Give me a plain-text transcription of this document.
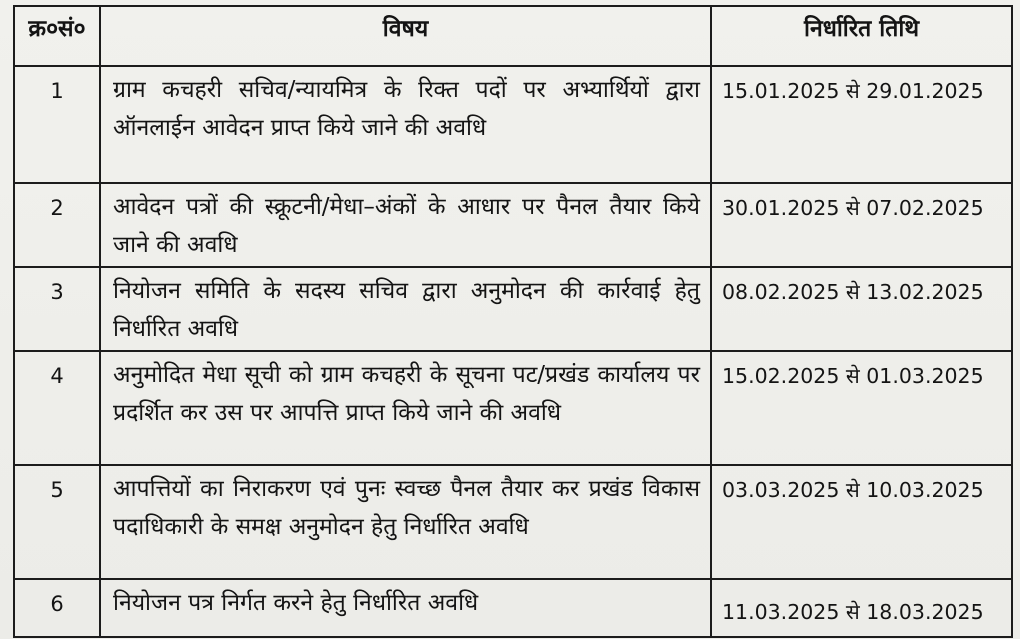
क्र०सं०	विषय	निर्धारित तिथि
1	ग्राम कचहरी सचिव/न्यायमित्र के रिक्त पदों पर अभ्यार्थियों द्वारा ऑनलाईन आवेदन प्राप्त किये जाने की अवधि	15.01.2025 से 29.01.2025
2	आवेदन पत्रों की स्क्रूटनी/मेधा–अंकों के आधार पर पैनल तैयार किये जाने की अवधि	30.01.2025 से 07.02.2025
3	नियोजन समिति के सदस्य सचिव द्वारा अनुमोदन की कार्रवाई हेतु निर्धारित अवधि	08.02.2025 से 13.02.2025
4	अनुमोदित मेधा सूची को ग्राम कचहरी के सूचना पट/प्रखंड कार्यालय पर प्रदर्शित कर उस पर आपत्ति प्राप्त किये जाने की अवधि	15.02.2025 से 01.03.2025
5	आपत्तियों का निराकरण एवं पुनः स्वच्छ पैनल तैयार कर प्रखंड विकास पदाधिकारी के समक्ष अनुमोदन हेतु निर्धारित अवधि	03.03.2025 से 10.03.2025
6	नियोजन पत्र निर्गत करने हेतु निर्धारित अवधि	11.03.2025 से 18.03.2025
